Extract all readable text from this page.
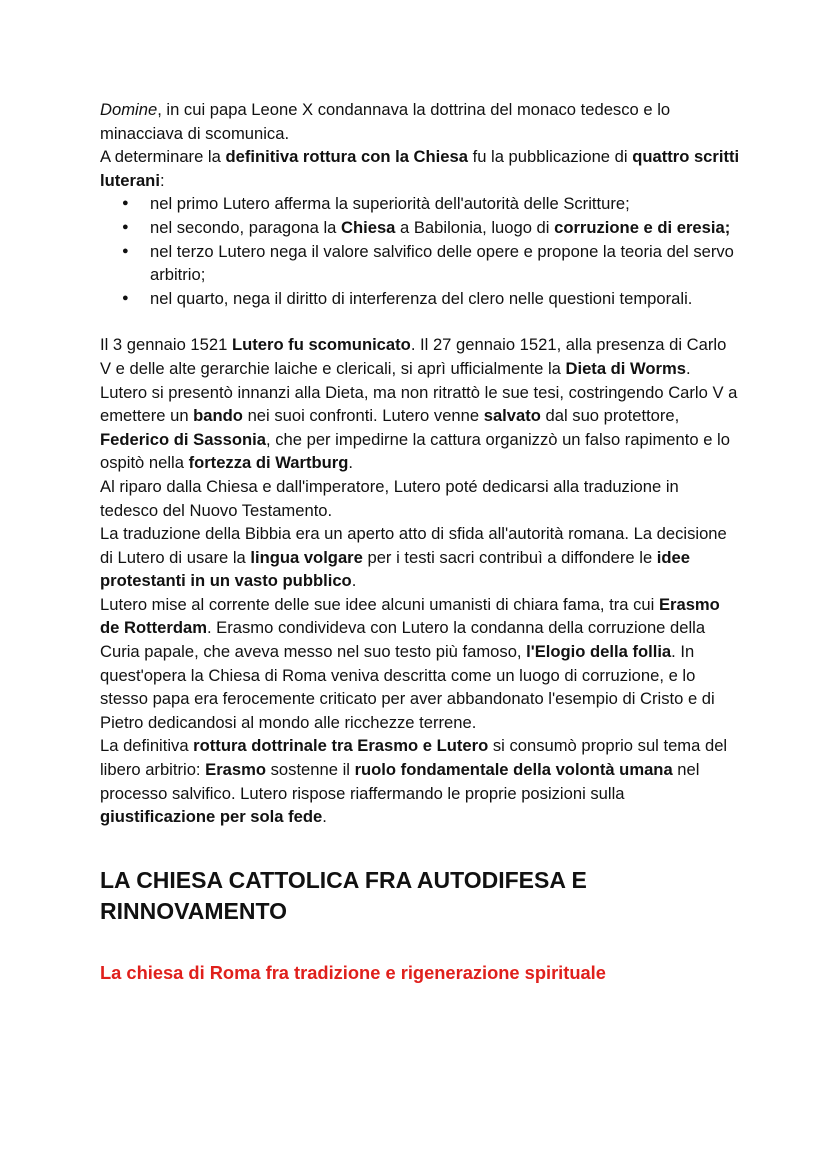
Domine, in cui papa Leone X condannava la dottrina del monaco tedesco e lo minacciava di scomunica.

A determinare la definitiva rottura con la Chiesa fu la pubblicazione di quattro scritti luterani:

● nel primo Lutero afferma la superiorità dell'autorità delle Scritture;
● nel secondo, paragona la Chiesa a Babilonia, luogo di corruzione e di eresia;
● nel terzo Lutero nega il valore salvifico delle opere e propone la teoria del servo arbitrio;
● nel quarto, nega il diritto di interferenza del clero nelle questioni temporali.

Il 3 gennaio 1521 Lutero fu scomunicato. Il 27 gennaio 1521, alla presenza di Carlo V e delle alte gerarchie laiche e clericali, si aprì ufficialmente la Dieta di Worms. Lutero si presentò innanzi alla Dieta, ma non ritrattò le sue tesi, costringendo Carlo V a emettere un bando nei suoi confronti. Lutero venne salvato dal suo protettore, Federico di Sassonia, che per impedirne la cattura organizzò un falso rapimento e lo ospitò nella fortezza di Wartburg.

Al riparo dalla Chiesa e dall'imperatore, Lutero poté dedicarsi alla traduzione in tedesco del Nuovo Testamento.

La traduzione della Bibbia era un aperto atto di sfida all'autorità romana. La decisione di Lutero di usare la lingua volgare per i testi sacri contribuì a diffondere le idee protestanti in un vasto pubblico.

Lutero mise al corrente delle sue idee alcuni umanisti di chiara fama, tra cui Erasmo de Rotterdam. Erasmo condivideva con Lutero la condanna della corruzione della Curia papale, che aveva messo nel suo testo più famoso, l'Elogio della follia. In quest'opera la Chiesa di Roma veniva descritta come un luogo di corruzione, e lo stesso papa era ferocemente criticato per aver abbandonato l'esempio di Cristo e di Pietro dedicandosi al mondo alle ricchezze terrene.

La definitiva rottura dottrinale tra Erasmo e Lutero si consumò proprio sul tema del libero arbitrio: Erasmo sostenne il ruolo fondamentale della volontà umana nel processo salvifico. Lutero rispose riaffermando le proprie posizioni sulla giustificazione per sola fede.

LA CHIESA CATTOLICA FRA AUTODIFESA E RINNOVAMENTO
La chiesa di Roma fra tradizione e rigenerazione spirituale
